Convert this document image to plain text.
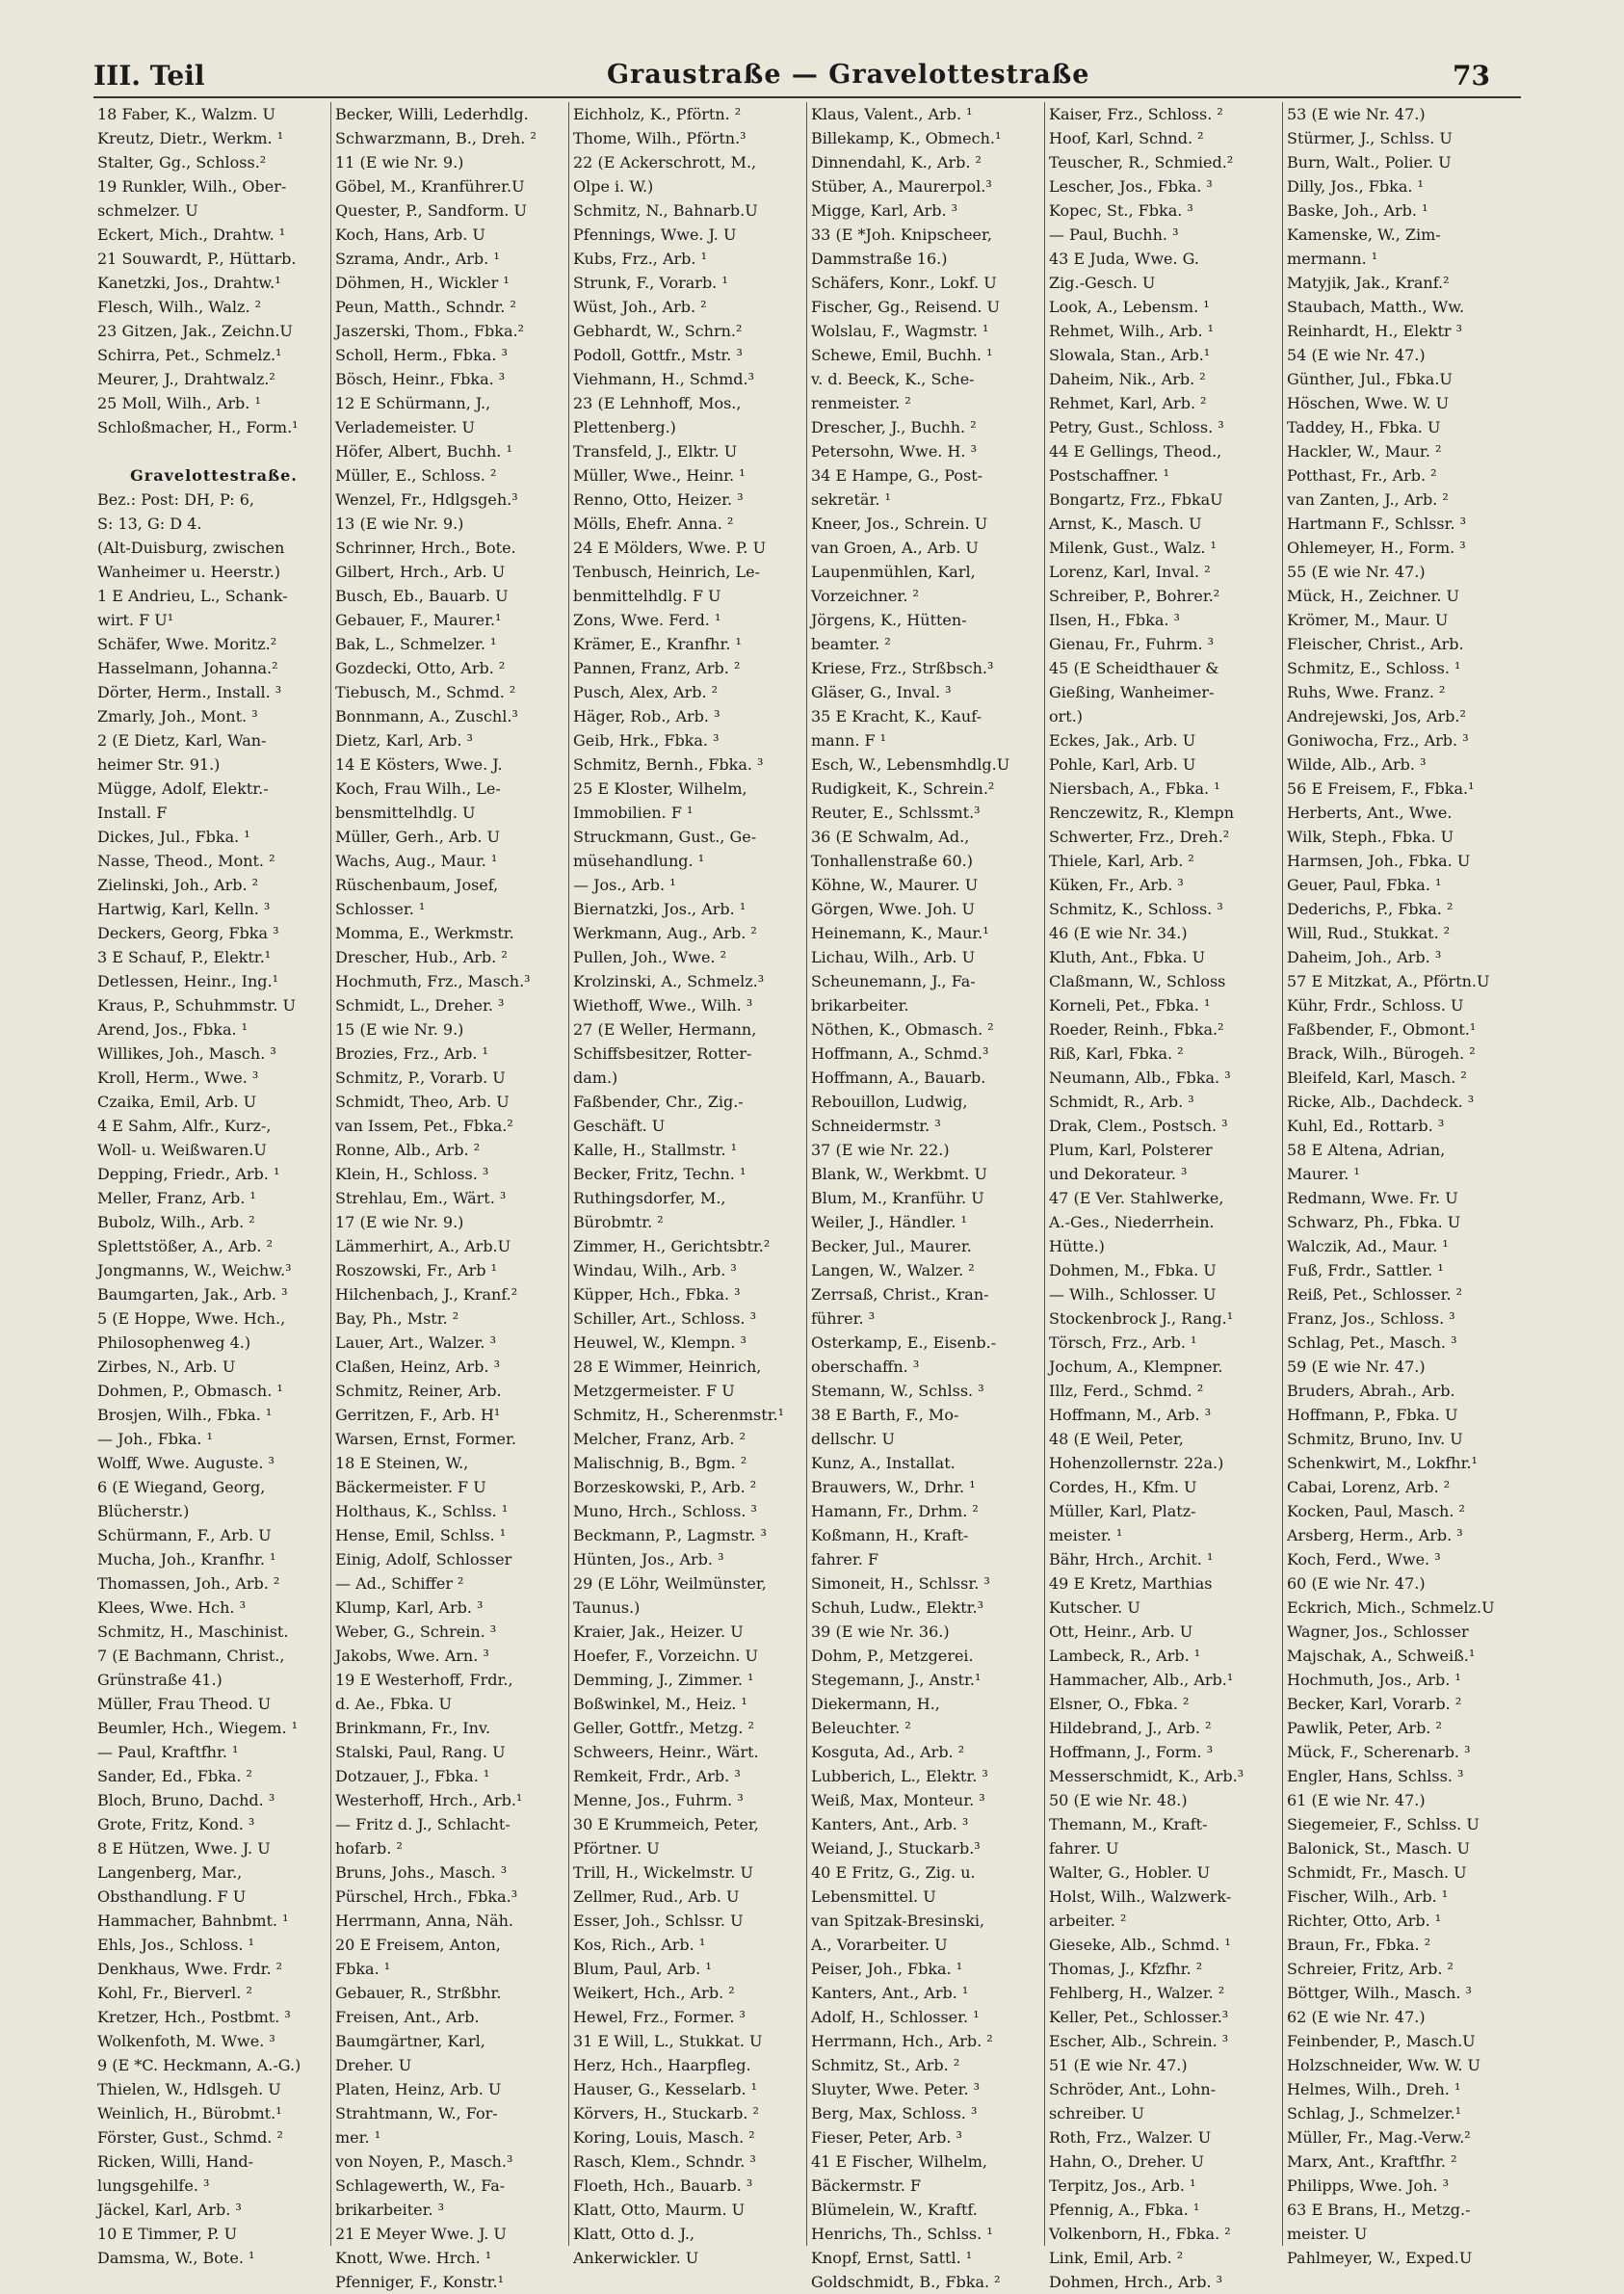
III. Teil	Graustraße — Gravelottestraße	73
18 Faber, K., Walzm. U
Kreutz, Dietr., Werkm. ¹
Stalter, Gg., Schloss.²
19 Runkler, Wilh., Ober-
schmelzer. U
Eckert, Mich., Drahtw. ¹
21 Souwardt, P., Hüttarb.
Kanetzki, Jos., Drahtw.¹
Flesch, Wilh., Walz. ²
23 Gitzen, Jak., Zeichn.U
Schirra, Pet., Schmelz.¹
Meurer, J., Drahtwalz.²
25 Moll, Wilh., Arb. ¹
Schloßmacher, H., Form.¹
Gravelottestraße.
Bez.: Post: DH, P: 6,
S: 13, G: D 4.
(Alt-Duisburg, zwischen
Wanheimer u. Heerstr.)
1 E Andrieu, L., Schank-
wirt. F U¹
Schäfer, Wwe. Moritz.²
Hasselmann, Johanna.²
Dörter, Herm., Install. ³
Zmarly, Joh., Mont. ³
2 (E Dietz, Karl, Wan-
heimer Str. 91.)
Mügge, Adolf, Elektr.-
Install. F
Dickes, Jul., Fbka. ¹
Nasse, Theod., Mont. ²
Zielinski, Joh., Arb. ²
Hartwig, Karl, Kelln. ³
Deckers, Georg, Fbka ³
3 E Schauf, P., Elektr.¹
Detlessen, Heinr., Ing.¹
Kraus, P., Schuhmmstr. U
Arend, Jos., Fbka. ¹
Willikes, Joh., Masch. ³
Kroll, Herm., Wwe. ³
Czaika, Emil, Arb. U
4 E Sahm, Alfr., Kurz-,
Woll- u. Weißwaren.U
Depping, Friedr., Arb. ¹
Meller, Franz, Arb. ¹
Bubolz, Wilh., Arb. ²
Splettstößer, A., Arb. ²
Jongmanns, W., Weichw.³
Baumgarten, Jak., Arb. ³
5 (E Hoppe, Wwe. Hch.,
Philosophenweg 4.)
Zirbes, N., Arb. U
Dohmen, P., Obmasch. ¹
Brosjen, Wilh., Fbka. ¹
— Joh., Fbka. ¹
Wolff, Wwe. Auguste. ³
6 (E Wiegand, Georg,
Blücherstr.)
Schürmann, F., Arb. U
Mucha, Joh., Kranfhr. ¹
Thomassen, Joh., Arb. ²
Klees, Wwe. Hch. ³
Schmitz, H., Maschinist.
7 (E Bachmann, Christ.,
Grünstraße 41.)
Müller, Frau Theod. U
Beumler, Hch., Wiegem. ¹
— Paul, Kraftfhr. ¹
Sander, Ed., Fbka. ²
Bloch, Bruno, Dachd. ³
Grote, Fritz, Kond. ³
8 E Hützen, Wwe. J. U
Langenberg, Mar.,
Obsthandlung. F U
Hammacher, Bahnbmt. ¹
Ehls, Jos., Schloss. ¹
Denkhaus, Wwe. Frdr. ²
Kohl, Fr., Bierverl. ²
Kretzer, Hch., Postbmt. ³
Wolkenfoth, M. Wwe. ³
9 (E *C. Heckmann, A.-G.)
Thielen, W., Hdlsgeh. U
Weinlich, H., Bürobmt.¹
Förster, Gust., Schmd. ²
Ricken, Willi, Hand-
lungsgehilfe. ³
Jäckel, Karl, Arb. ³
10 E Timmer, P. U
Damsma, W., Bote. ¹
Becker, Willi, Lederhdlg.
Schwarzmann, B., Dreh. ²
11 (E wie Nr. 9.)
Göbel, M., Kranführer.U
Quester, P., Sandform. U
Koch, Hans, Arb. U
Szrama, Andr., Arb. ¹
Döhmen, H., Wickler ¹
Peun, Matth., Schndr. ²
Jaszerski, Thom., Fbka.²
Scholl, Herm., Fbka. ³
Bösch, Heinr., Fbka. ³
12 E Schürmann, J.,
Verlademeister. U
Höfer, Albert, Buchh. ¹
Müller, E., Schloss. ²
Wenzel, Fr., Hdlgsgeh.³
13 (E wie Nr. 9.)
Schrinner, Hrch., Bote.
Gilbert, Hrch., Arb. U
Busch, Eb., Bauarb. U
Gebauer, F., Maurer.¹
Bak, L., Schmelzer. ¹
Gozdecki, Otto, Arb. ²
Tiebusch, M., Schmd. ²
Bonnmann, A., Zuschl.³
Dietz, Karl, Arb. ³
14 E Kösters, Wwe. J.
Koch, Frau Wilh., Le-
bensmittelhdlg. U
Müller, Gerh., Arb. U
Wachs, Aug., Maur. ¹
Rüschenbaum, Josef,
Schlosser. ¹
Momma, E., Werkmstr.
Drescher, Hub., Arb. ²
Hochmuth, Frz., Masch.³
Schmidt, L., Dreher. ³
15 (E wie Nr. 9.)
Brozies, Frz., Arb. ¹
Schmitz, P., Vorarb. U
Schmidt, Theo, Arb. U
van Issem, Pet., Fbka.²
Ronne, Alb., Arb. ²
Klein, H., Schloss. ³
Strehlau, Em., Wärt. ³
17 (E wie Nr. 9.)
Lämmerhirt, A., Arb.U
Roszowski, Fr., Arb ¹
Hilchenbach, J., Kranf.²
Bay, Ph., Mstr. ²
Lauer, Art., Walzer. ³
Claßen, Heinz, Arb. ³
Schmitz, Reiner, Arb.
Gerritzen, F., Arb. H¹
Warsen, Ernst, Former.
18 E Steinen, W.,
Bäckermeister. F U
Holthaus, K., Schlss. ¹
Hense, Emil, Schlss. ¹
Einig, Adolf, Schlosser
— Ad., Schiffer ²
Klump, Karl, Arb. ³
Weber, G., Schrein. ³
Jakobs, Wwe. Arn. ³
19 E Westerhoff, Frdr.,
d. Ae., Fbka. U
Brinkmann, Fr., Inv.
Stalski, Paul, Rang. U
Dotzauer, J., Fbka. ¹
Westerhoff, Hrch., Arb.¹
— Fritz d. J., Schlacht-
hofarb. ²
Bruns, Johs., Masch. ³
Pürschel, Hrch., Fbka.³
Herrmann, Anna, Näh.
20 E Freisem, Anton,
Fbka. ¹
Gebauer, R., Strßbhr.
Freisen, Ant., Arb.
Baumgärtner, Karl,
Dreher. U
Platen, Heinz, Arb. U
Strahtmann, W., For-
mer. ¹
von Noyen, P., Masch.³
Schlagewerth, W., Fa-
brikarbeiter. ³
21 E Meyer Wwe. J. U
Knott, Wwe. Hrch. ¹
Pfenniger, F., Konstr.¹
Eichholz, K., Pförtn. ²
Thome, Wilh., Pförtn.³
22 (E Ackerschrott, M.,
Olpe i. W.)
Schmitz, N., Bahnarb.U
Pfennings, Wwe. J. U
Kubs, Frz., Arb. ¹
Strunk, F., Vorarb. ¹
Wüst, Joh., Arb. ²
Gebhardt, W., Schrn.²
Podoll, Gottfr., Mstr. ³
Viehmann, H., Schmd.³
23 (E Lehnhoff, Mos.,
Plettenberg.)
Transfeld, J., Elktr. U
Müller, Wwe., Heinr. ¹
Renno, Otto, Heizer. ³
Mölls, Ehefr. Anna. ²
24 E Mölders, Wwe. P. U
Tenbusch, Heinrich, Le-
benmittelhdlg. F U
Zons, Wwe. Ferd. ¹
Krämer, E., Kranfhr. ¹
Pannen, Franz, Arb. ²
Pusch, Alex, Arb. ²
Häger, Rob., Arb. ³
Geib, Hrk., Fbka. ³
Schmitz, Bernh., Fbka. ³
25 E Kloster, Wilhelm,
Immobilien. F ¹
Struckmann, Gust., Ge-
müsehandlung. ¹
— Jos., Arb. ¹
Biernatzki, Jos., Arb. ¹
Werkmann, Aug., Arb. ²
Pullen, Joh., Wwe. ²
Krolzinski, A., Schmelz.³
Wiethoff, Wwe., Wilh. ³
27 (E Weller, Hermann,
Schiffsbesitzer, Rotter-
dam.)
Faßbender, Chr., Zig.-
Geschäft. U
Kalle, H., Stallmstr. ¹
Becker, Fritz, Techn. ¹
Ruthingsdorfer, M.,
Bürobmtr. ²
Zimmer, H., Gerichtsbtr.²
Windau, Wilh., Arb. ³
Küpper, Hch., Fbka. ³
Schiller, Art., Schloss. ³
Heuwel, W., Klempn. ³
28 E Wimmer, Heinrich,
Metzgermeister. F U
Schmitz, H., Scherenmstr.¹
Melcher, Franz, Arb. ²
Malischnig, B., Bgm. ²
Borzeskowski, P., Arb. ²
Muno, Hrch., Schloss. ³
Beckmann, P., Lagmstr. ³
Hünten, Jos., Arb. ³
29 (E Löhr, Weilmünster,
Taunus.)
Kraier, Jak., Heizer. U
Hoefer, F., Vorzeichn. U
Demming, J., Zimmer. ¹
Boßwinkel, M., Heiz. ¹
Geller, Gottfr., Metzg. ²
Schweers, Heinr., Wärt.
Remkeit, Frdr., Arb. ³
Menne, Jos., Fuhrm. ³
30 E Krummeich, Peter,
Pförtner. U
Trill, H., Wickelmstr. U
Zellmer, Rud., Arb. U
Esser, Joh., Schlssr. U
Kos, Rich., Arb. ¹
Blum, Paul, Arb. ¹
Weikert, Hch., Arb. ²
Hewel, Frz., Former. ³
31 E Will, L., Stukkat. U
Herz, Hch., Haarpfleg.
Hauser, G., Kesselarb. ¹
Körvers, H., Stuckarb. ²
Koring, Louis, Masch. ²
Rasch, Klem., Schndr. ³
Floeth, Hch., Bauarb. ³
Klatt, Otto, Maurm. U
Klatt, Otto d. J.,
Ankerwickler. U
Klaus, Valent., Arb. ¹
Billekamp, K., Obmech.¹
Dinnendahl, K., Arb. ²
Stüber, A., Maurerpol.³
Migge, Karl, Arb. ³
33 (E *Joh. Knipscheer,
Dammstraße 16.)
Schäfers, Konr., Lokf. U
Fischer, Gg., Reisend. U
Wolslau, F., Wagmstr. ¹
Schewe, Emil, Buchh. ¹
v. d. Beeck, K., Sche-
renmeister. ²
Drescher, J., Buchh. ²
Petersohn, Wwe. H. ³
34 E Hampe, G., Post-
sekretär. ¹
Kneer, Jos., Schrein. U
van Groen, A., Arb. U
Laupenmühlen, Karl,
Vorzeichner. ²
Jörgens, K., Hütten-
beamter. ²
Kriese, Frz., Strßbsch.³
Gläser, G., Inval. ³
35 E Kracht, K., Kauf-
mann. F ¹
Esch, W., Lebensmhdlg.U
Rudigkeit, K., Schrein.²
Reuter, E., Schlssmt.³
36 (E Schwalm, Ad.,
Tonhallenstraße 60.)
Köhne, W., Maurer. U
Görgen, Wwe. Joh. U
Heinemann, K., Maur.¹
Lichau, Wilh., Arb. U
Scheunemann, J., Fa-
brikarbeiter.
Nöthen, K., Obmasch. ²
Hoffmann, A., Schmd.³
Hoffmann, A., Bauarb.
Rebouillon, Ludwig,
Schneidermstr. ³
37 (E wie Nr. 22.)
Blank, W., Werkbmt. U
Blum, M., Kranführ. U
Weiler, J., Händler. ¹
Becker, Jul., Maurer.
Langen, W., Walzer. ²
Zerrsaß, Christ., Kran-
führer. ³
Osterkamp, E., Eisenb.-
oberschaffn. ³
Stemann, W., Schlss. ³
38 E Barth, F., Mo-
dellschr. U
Kunz, A., Installat.
Brauwers, W., Drhr. ¹
Hamann, Fr., Drhm. ²
Koßmann, H., Kraft-
fahrer. F
Simoneit, H., Schlssr. ³
Schuh, Ludw., Elektr.³
39 (E wie Nr. 36.)
Dohm, P., Metzgerei.
Stegemann, J., Anstr.¹
Diekermann, H.,
Beleuchter. ²
Kosguta, Ad., Arb. ²
Lubberich, L., Elektr. ³
Weiß, Max, Monteur. ³
Kanters, Ant., Arb. ³
Weiand, J., Stuckarb.³
40 E Fritz, G., Zig. u.
Lebensmittel. U
van Spitzak-Bresinski,
A., Vorarbeiter. U
Peiser, Joh., Fbka. ¹
Kanters, Ant., Arb. ¹
Adolf, H., Schlosser. ¹
Herrmann, Hch., Arb. ²
Schmitz, St., Arb. ²
Sluyter, Wwe. Peter. ³
Berg, Max, Schloss. ³
Fieser, Peter, Arb. ³
41 E Fischer, Wilhelm,
Bäckermstr. F
Blümelein, W., Kraftf.
Henrichs, Th., Schlss. ¹
Knopf, Ernst, Sattl. ¹
Goldschmidt, B., Fbka. ²
Kaiser, Frz., Schloss. ²
Hoof, Karl, Schnd. ²
Teuscher, R., Schmied.²
Lescher, Jos., Fbka. ³
Kopec, St., Fbka. ³
— Paul, Buchh. ³
43 E Juda, Wwe. G.
Zig.-Gesch. U
Look, A., Lebensm. ¹
Rehmet, Wilh., Arb. ¹
Slowala, Stan., Arb.¹
Daheim, Nik., Arb. ²
Rehmet, Karl, Arb. ²
Petry, Gust., Schloss. ³
44 E Gellings, Theod.,
Postschaffner. ¹
Bongartz, Frz., FbkaU
Arnst, K., Masch. U
Milenk, Gust., Walz. ¹
Lorenz, Karl, Inval. ²
Schreiber, P., Bohrer.²
Ilsen, H., Fbka. ³
Gienau, Fr., Fuhrm. ³
45 (E Scheidthauer &
Gießing, Wanheimer-
ort.)
Eckes, Jak., Arb. U
Pohle, Karl, Arb. U
Niersbach, A., Fbka. ¹
Renczewitz, R., Klempn
Schwerter, Frz., Dreh.²
Thiele, Karl, Arb. ²
Küken, Fr., Arb. ³
Schmitz, K., Schloss. ³
46 (E wie Nr. 34.)
Kluth, Ant., Fbka. U
Claßmann, W., Schloss
Korneli, Pet., Fbka. ¹
Roeder, Reinh., Fbka.²
Riß, Karl, Fbka. ²
Neumann, Alb., Fbka. ³
Schmidt, R., Arb. ³
Drak, Clem., Postsch. ³
Plum, Karl, Polsterer
und Dekorateur. ³
47 (E Ver. Stahlwerke,
A.-Ges., Niederrhein.
Hütte.)
Dohmen, M., Fbka. U
— Wilh., Schlosser. U
Stockenbrock J., Rang.¹
Törsch, Frz., Arb. ¹
Jochum, A., Klempner.
Illz, Ferd., Schmd. ²
Hoffmann, M., Arb. ³
48 (E Weil, Peter,
Hohenzollernstr. 22a.)
Cordes, H., Kfm. U
Müller, Karl, Platz-
meister. ¹
Bähr, Hrch., Archit. ¹
49 E Kretz, Marthias
Kutscher. U
Ott, Heinr., Arb. U
Lambeck, R., Arb. ¹
Hammacher, Alb., Arb.¹
Elsner, O., Fbka. ²
Hildebrand, J., Arb. ²
Hoffmann, J., Form. ³
Messerschmidt, K., Arb.³
50 (E wie Nr. 48.)
Themann, M., Kraft-
fahrer. U
Walter, G., Hobler. U
Holst, Wilh., Walzwerk-
arbeiter. ²
Gieseke, Alb., Schmd. ¹
Thomas, J., Kfzfhr. ²
Fehlberg, H., Walzer. ²
Keller, Pet., Schlosser.³
Escher, Alb., Schrein. ³
51 (E wie Nr. 47.)
Schröder, Ant., Lohn-
schreiber. U
Roth, Frz., Walzer. U
Hahn, O., Dreher. U
Terpitz, Jos., Arb. ¹
Pfennig, A., Fbka. ¹
Volkenborn, H., Fbka. ²
Link, Emil, Arb. ²
Dohmen, Hrch., Arb. ³
53 (E wie Nr. 47.)
Stürmer, J., Schlss. U
Burn, Walt., Polier. U
Dilly, Jos., Fbka. ¹
Baske, Joh., Arb. ¹
Kamenske, W., Zim-
mermann. ¹
Matyjik, Jak., Kranf.²
Staubach, Matth., Ww.
Reinhardt, H., Elektr ³
54 (E wie Nr. 47.)
Günther, Jul., Fbka.U
Höschen, Wwe. W. U
Taddey, H., Fbka. U
Hackler, W., Maur. ²
Potthast, Fr., Arb. ²
van Zanten, J., Arb. ²
Hartmann F., Schlssr. ³
Ohlemeyer, H., Form. ³
55 (E wie Nr. 47.)
Mück, H., Zeichner. U
Krömer, M., Maur. U
Fleischer, Christ., Arb.
Schmitz, E., Schloss. ¹
Ruhs, Wwe. Franz. ²
Andrejewski, Jos, Arb.²
Goniwocha, Frz., Arb. ³
Wilde, Alb., Arb. ³
56 E Freisem, F., Fbka.¹
Herberts, Ant., Wwe.
Wilk, Steph., Fbka. U
Harmsen, Joh., Fbka. U
Geuer, Paul, Fbka. ¹
Dederichs, P., Fbka. ²
Will, Rud., Stukkat. ²
Daheim, Joh., Arb. ³
57 E Mitzkat, A., Pförtn.U
Kühr, Frdr., Schloss. U
Faßbender, F., Obmont.¹
Brack, Wilh., Bürogeh. ²
Bleifeld, Karl, Masch. ²
Ricke, Alb., Dachdeck. ³
Kuhl, Ed., Rottarb. ³
58 E Altena, Adrian,
Maurer. ¹
Redmann, Wwe. Fr. U
Schwarz, Ph., Fbka. U
Walczik, Ad., Maur. ¹
Fuß, Frdr., Sattler. ¹
Reiß, Pet., Schlosser. ²
Franz, Jos., Schloss. ³
Schlag, Pet., Masch. ³
59 (E wie Nr. 47.)
Bruders, Abrah., Arb.
Hoffmann, P., Fbka. U
Schmitz, Bruno, Inv. U
Schenkwirt, M., Lokfhr.¹
Cabai, Lorenz, Arb. ²
Kocken, Paul, Masch. ²
Arsberg, Herm., Arb. ³
Koch, Ferd., Wwe. ³
60 (E wie Nr. 47.)
Eckrich, Mich., Schmelz.U
Wagner, Jos., Schlosser
Majschak, A., Schweiß.¹
Hochmuth, Jos., Arb. ¹
Becker, Karl, Vorarb. ²
Pawlik, Peter, Arb. ²
Mück, F., Scherenarb. ³
Engler, Hans, Schlss. ³
61 (E wie Nr. 47.)
Siegemeier, F., Schlss. U
Balonick, St., Masch. U
Schmidt, Fr., Masch. U
Fischer, Wilh., Arb. ¹
Richter, Otto, Arb. ¹
Braun, Fr., Fbka. ²
Schreier, Fritz, Arb. ²
Böttger, Wilh., Masch. ³
62 (E wie Nr. 47.)
Feinbender, P., Masch.U
Holzschneider, Ww. W. U
Helmes, Wilh., Dreh. ¹
Schlag, J., Schmelzer.¹
Müller, Fr., Mag.-Verw.²
Marx, Ant., Kraftfhr. ²
Philipps, Wwe. Joh. ³
63 E Brans, H., Metzg.-
meister. U
Pahlmeyer, W., Exped.U
